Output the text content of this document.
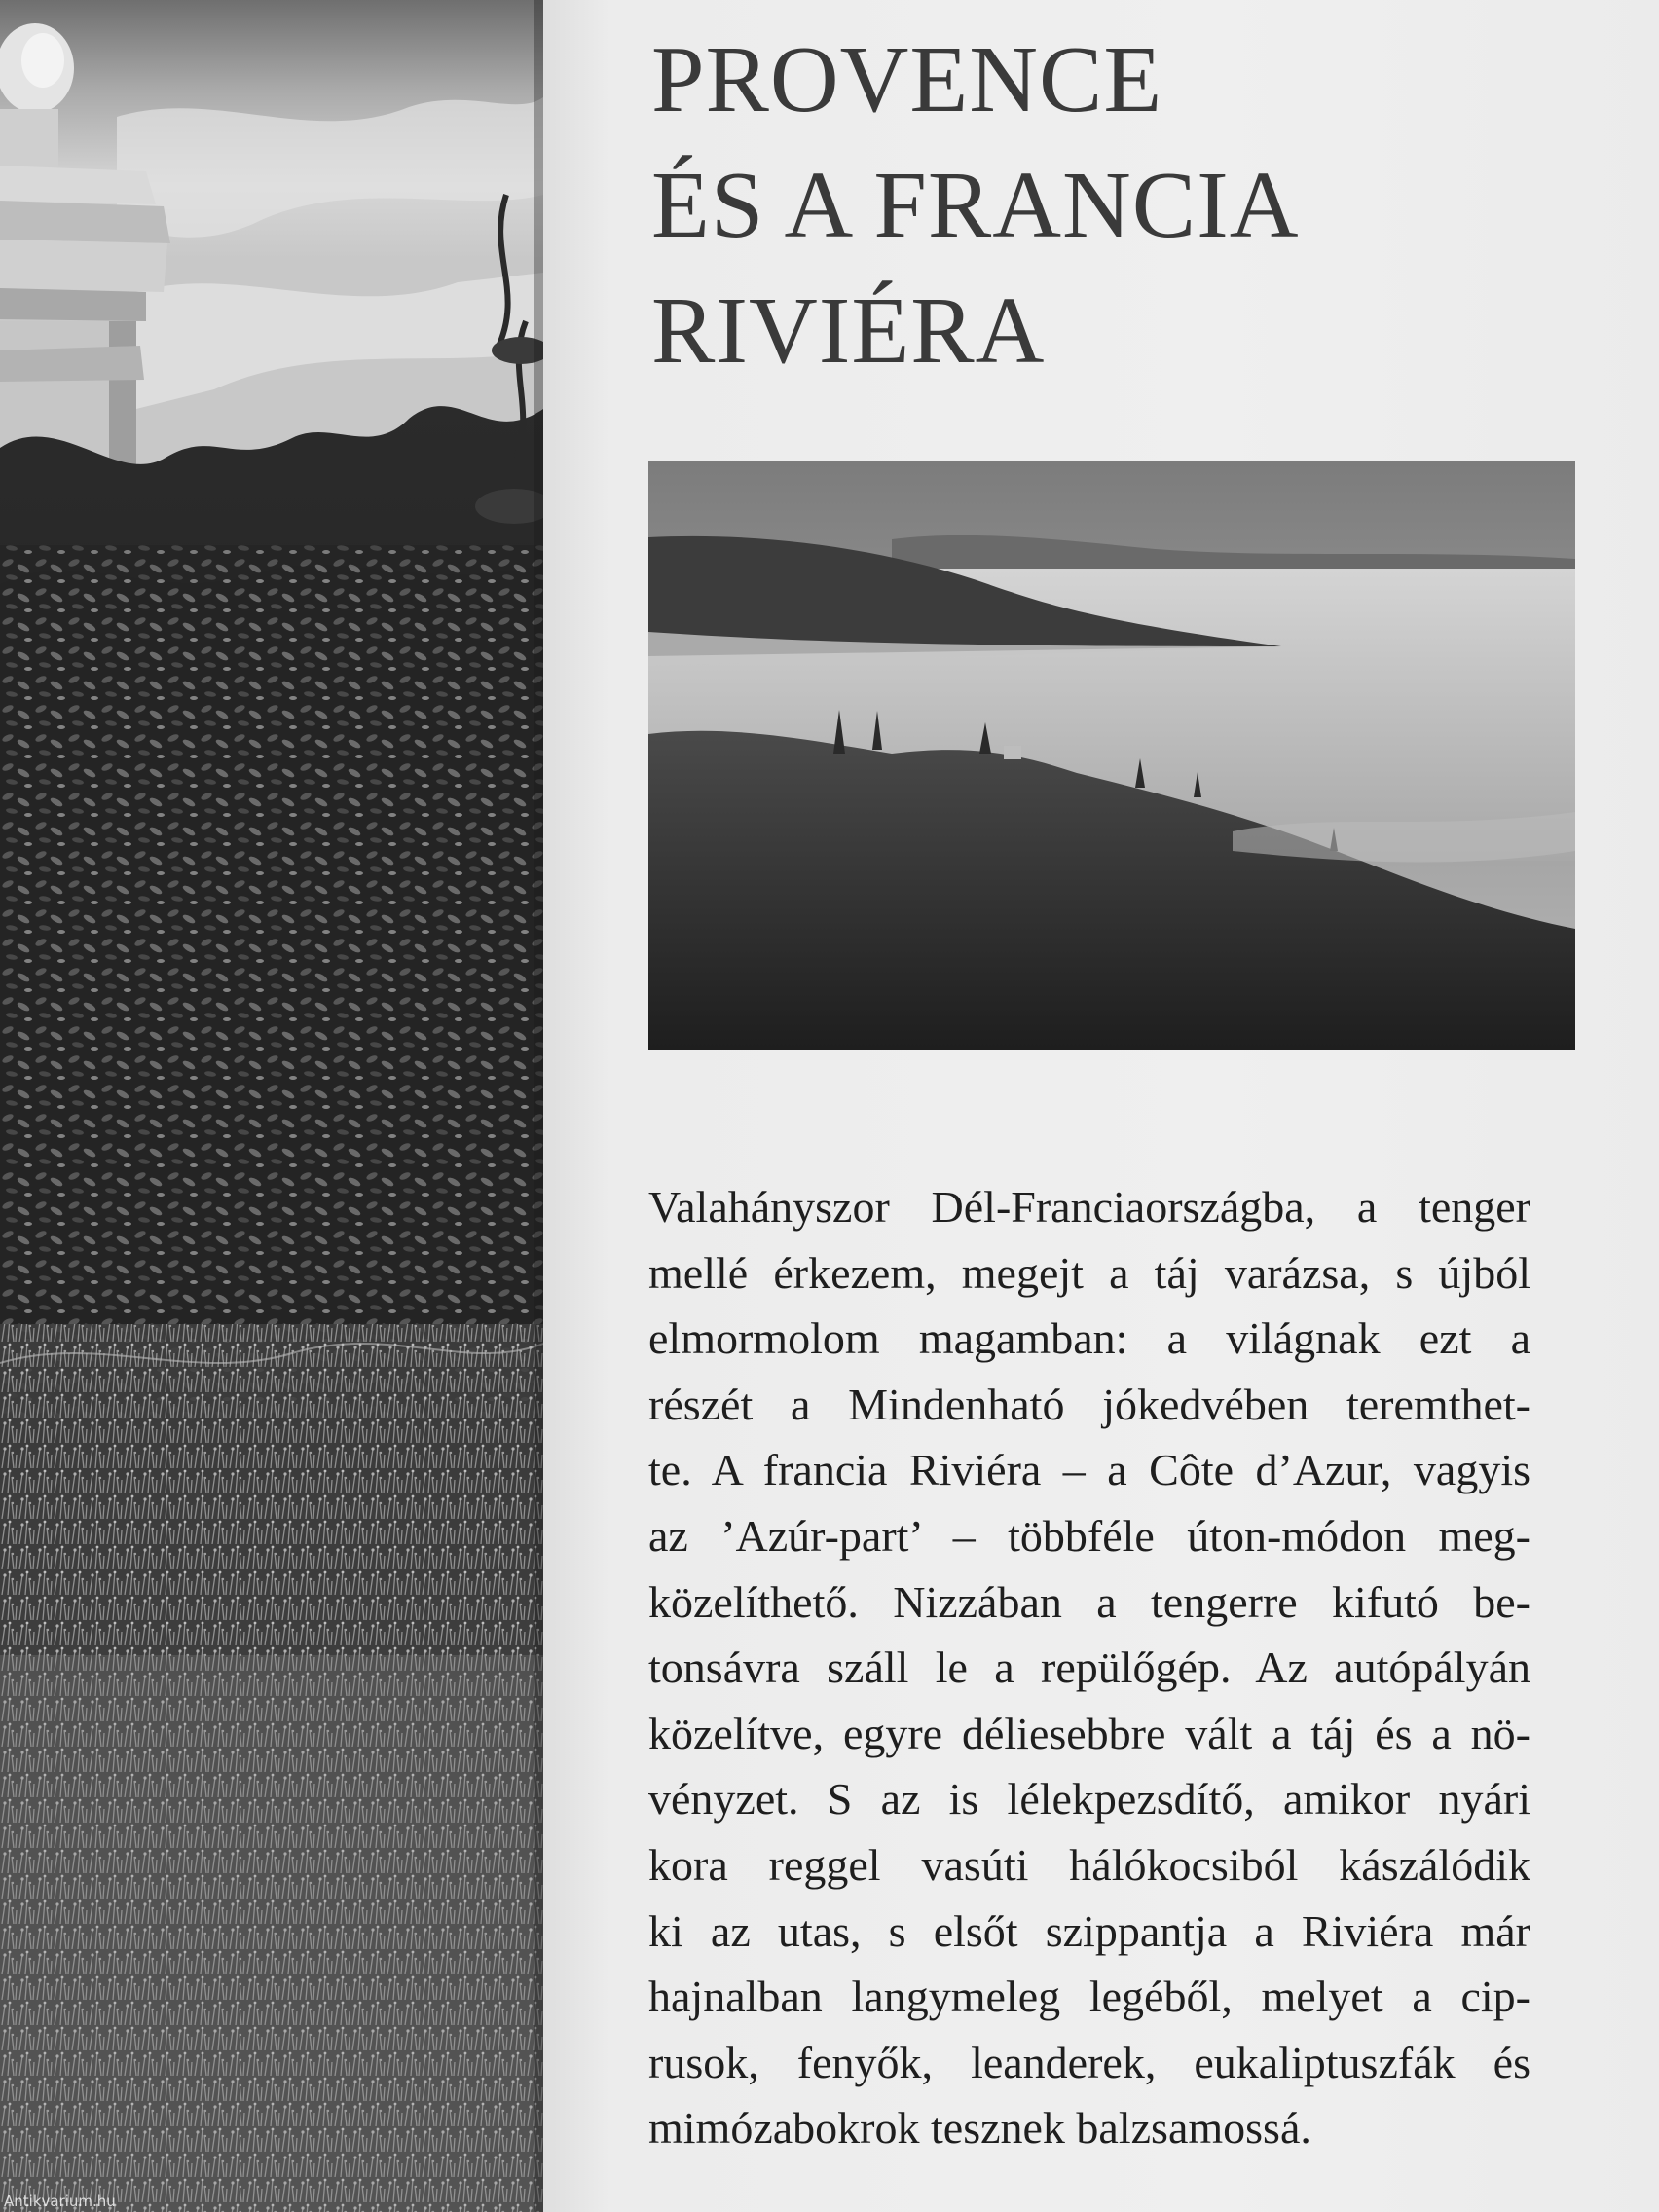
PROVENCE
ÉS A FRANCIA
RIVIÉRA
Valahányszor Dél-Franciaországba, a tenger
mellé érkezem, megejt a táj varázsa, s újból
elmormolom magamban: a világnak ezt a
részét a Mindenható jókedvében teremthet-
te. A francia Riviéra – a Côte d’Azur, vagyis
az ’Azúr-part’ – többféle úton-módon meg-
közelíthető. Nizzában a tengerre kifutó be-
tonsávra száll le a repülőgép. Az autópályán
közelítve, egyre déliesebbre vált a táj és a nö-
vényzet. S az is lélekpezsdítő, amikor nyári
kora reggel vasúti hálókocsiból kászálódik
ki az utas, s elsőt szippantja a Riviéra már
hajnalban langymeleg legéből, melyet a cip-
rusok, fenyők, leanderek, eukaliptuszfák és
mimózabokrok tesznek balzsamossá.
Antikvarium.hu
